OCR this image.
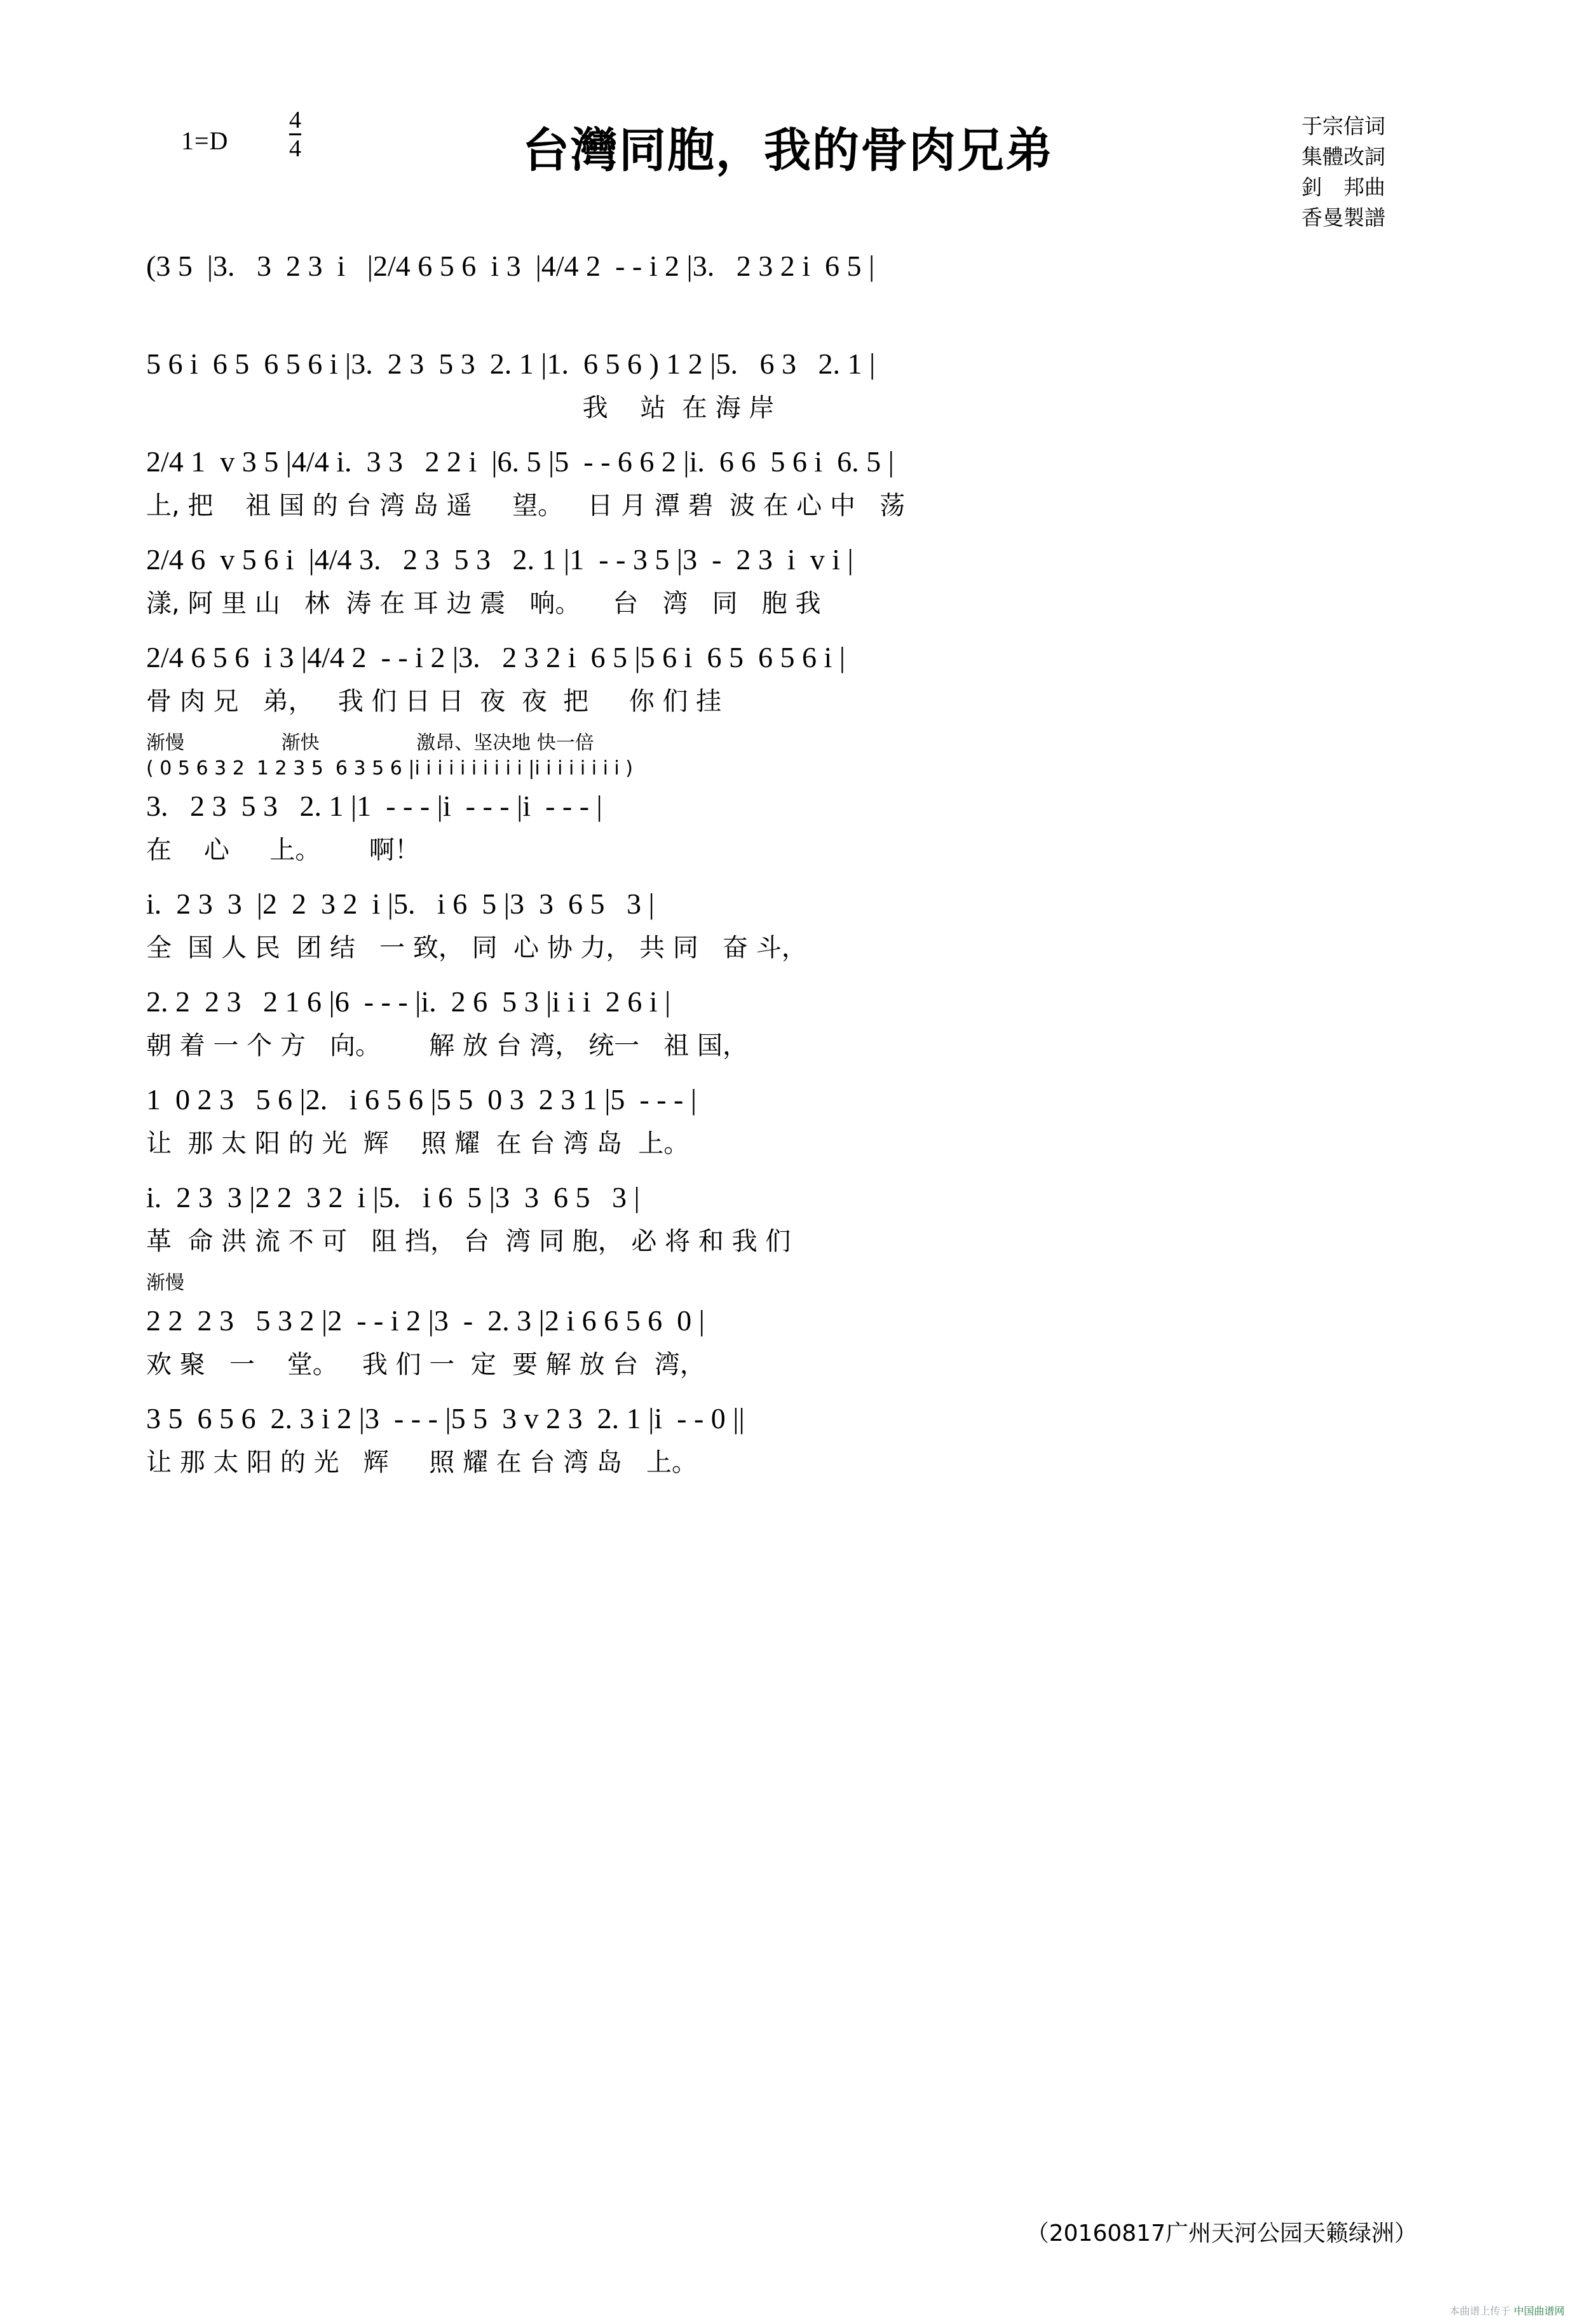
1=D	$\frac{4}{4}$	台灣同胞，我的骨肉兄弟	于宗信词
集體改詞
釗　邦曲
香曼製譜
(3 5  |3.   3  2 3  i   |2/4 6 5 6  i 3  |4/4 2  - - i 2 |3.   2 3 2 i  6 5 |
5 6 i  6 5  6 5 6 i |3.  2 3  5 3  2. 1 |1.  6 5 6 ) 1 2 |5.   6 3   2. 1 |
我    站  在 海 岸
2/4 1  v 3 5 |4/4 i.  3 3   2 2 i  |6. 5 |5  - - 6 6 2 |i.  6 6  5 6 i  6. 5 |
上, 把    祖 国 的 台 湾 岛 遥     望。   日 月 潭 碧  波 在 心 中   荡
2/4 6  v 5 6 i  |4/4 3.   2 3  5 3   2. 1 |1  - - 3 5 |3  -  2 3  i  v i |
漾, 阿 里 山   林  涛 在 耳 边 震   响。    台   湾   同   胞 我
2/4 6 5 6  i 3 |4/4 2  - - i 2 |3.   2 3 2 i  6 5 |5 6 i  6 5  6 5 6 i |
骨 肉 兄   弟，   我 们 日 日  夜  夜  把     你 们 挂
渐慢                渐快                激昂、坚决地 快一倍
( 0 5 6 3 2  1 2 3 5  6 3 5 6 |i i i i i i i i i i |i i i i i i i i )
3.   2 3  5 3   2. 1 |1  - - - |i  - - - |i  - - - |
在    心     上。      啊！
i.  2 3  3  |2  2  3 2  i |5.   i 6  5 |3  3  6 5   3 |
全  国 人 民  团 结   一 致， 同  心 协 力， 共 同   奋 斗，
2. 2  2 3   2 1 6 |6  - - - |i.  2 6  5 3 |i i i  2 6 i |
朝 着 一 个 方   向。      解 放 台 湾， 统一   祖 国，
1  0 2 3   5 6 |2.   i 6 5 6 |5 5  0 3  2 3 1 |5  - - - |
让  那 太 阳 的 光  辉    照 耀  在 台 湾 岛  上。
i.  2 3  3 |2 2  3 2  i |5.   i 6  5 |3  3  6 5   3 |
革  命 洪 流 不 可   阻 挡， 台  湾 同 胞， 必 将 和 我 们
渐慢
2 2  2 3   5 3 2 |2  - - i 2 |3  -  2. 3 |2 i 6 6 5 6  0 |
欢 聚   一    堂。   我 们 一  定  要 解 放 台  湾，
3 5  6 5 6  2. 3 i 2 |3  - - - |5 5  3 v 2 3  2. 1 |i  - - 0 ||
让 那 太 阳 的 光   辉     照 耀 在 台 湾 岛   上。
（20160817广州天河公园天籁绿洲）
本曲谱上传于 中国曲谱网
